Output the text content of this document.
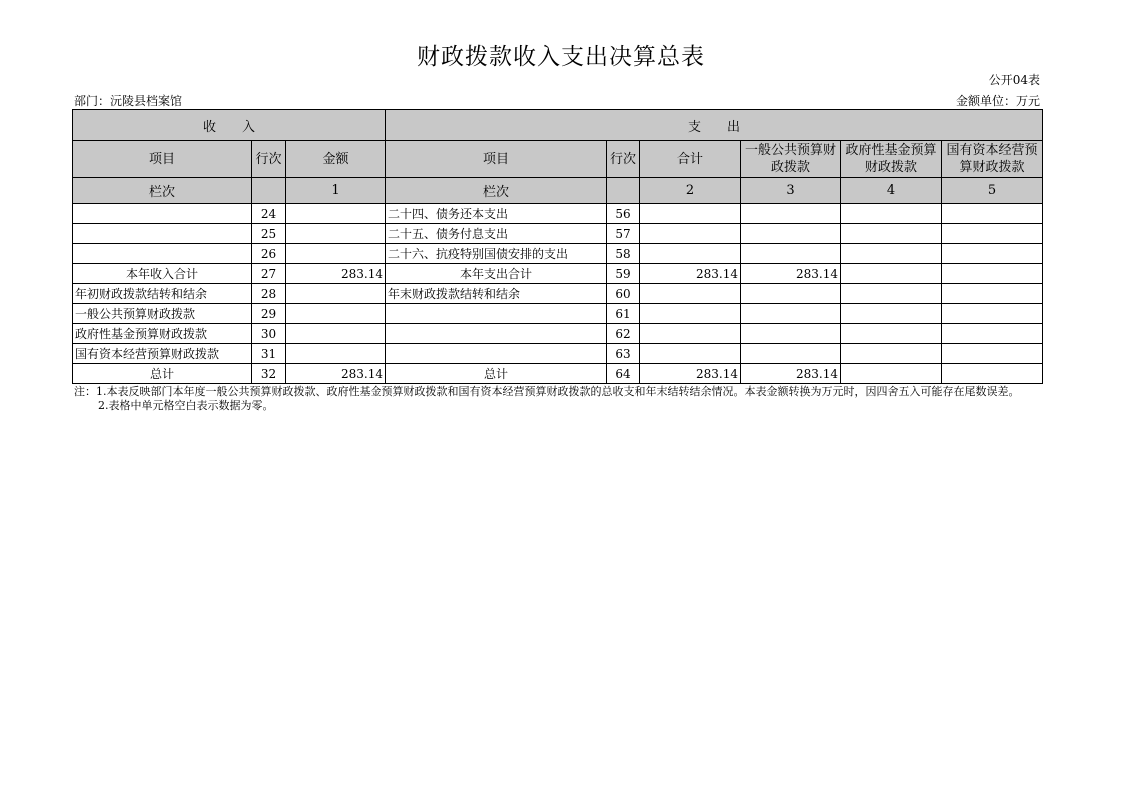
财政拨款收入支出决算总表
公开04表
部门：沅陵县档案馆	金额单位：万元
收　　入			支　　出					
项目	行次	金额	项目	行次	合计	一般公共预算财政拨款	政府性基金预算财政拨款	国有资本经营预算财政拨款
栏次		1	栏次		2	3	4	5
	24		二十四、债务还本支出	56				
	25		二十五、债务付息支出	57				
	26		二十六、抗疫特别国债安排的支出	58				
本年收入合计	27	283.14	本年支出合计	59	283.14	283.14		
年初财政拨款结转和结余	28		年末财政拨款结转和结余	60				
一般公共预算财政拨款	29			61				
政府性基金预算财政拨款	30			62				
国有资本经营预算财政拨款	31			63				
总计	32	283.14	总计	64	283.14	283.14		
注：1.本表反映部门本年度一般公共预算财政拨款、政府性基金预算财政拨款和国有资本经营预算财政拨款的总收支和年末结转结余情况。本表金额转换为万元时，因四舍五入可能存在尾数误差。
2.表格中单元格空白表示数据为零。
